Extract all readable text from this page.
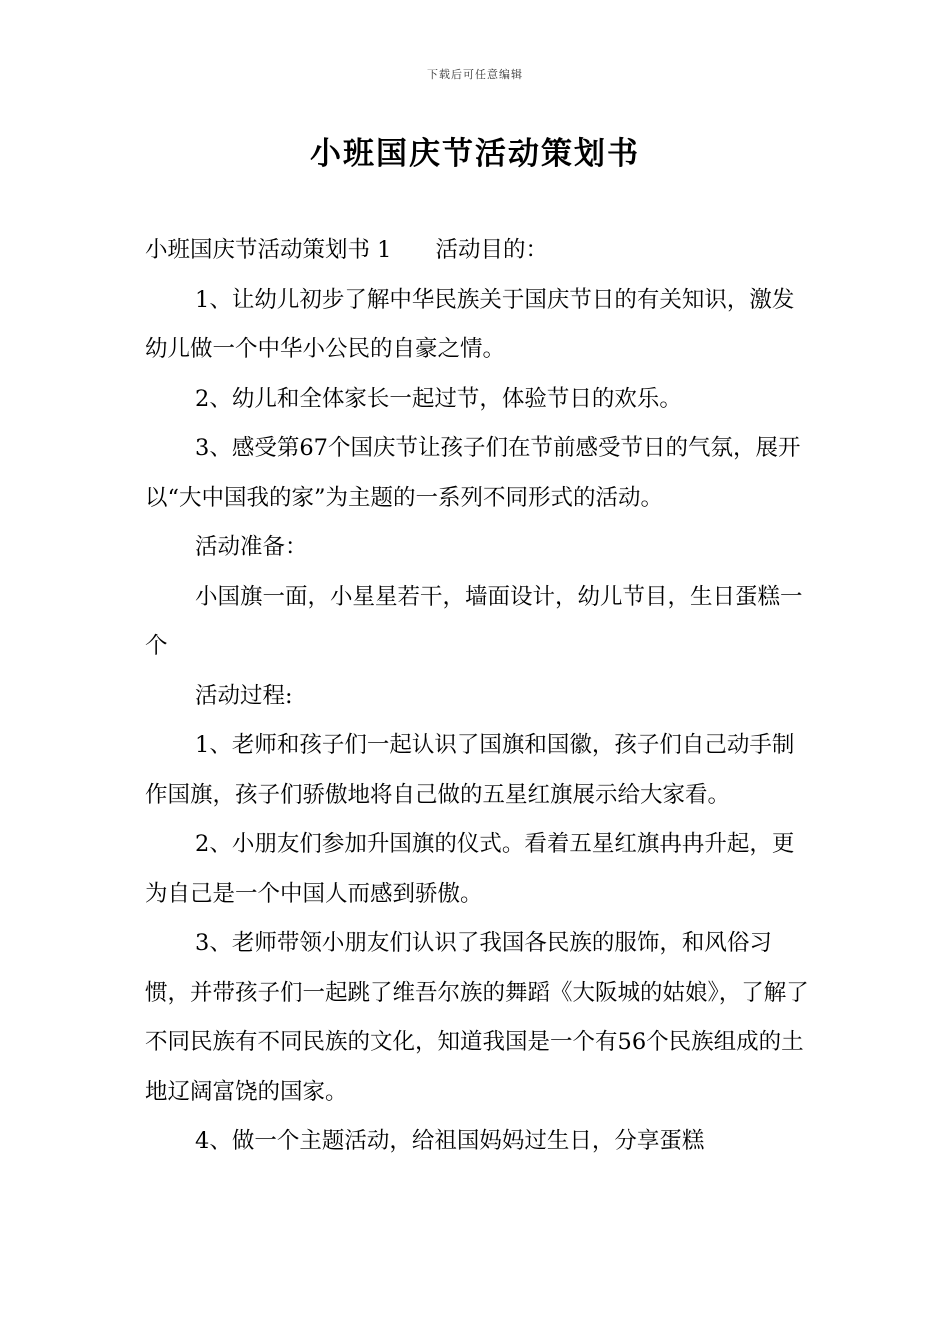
下载后可任意编辑
小班国庆节活动策划书

小班国庆节活动策划书 1 活动目的：

1、让幼儿初步了解中华民族关于国庆节日的有关知识，激发幼儿做一个中华小公民的自豪之情。

2、幼儿和全体家长一起过节，体验节日的欢乐。

3、感受第67个国庆节让孩子们在节前感受节日的气氛，展开以“大中国我的家”为主题的一系列不同形式的活动。

活动准备：

小国旗一面，小星星若干，墙面设计，幼儿节目，生日蛋糕一个

活动过程:

1、老师和孩子们一起认识了国旗和国徽，孩子们自己动手制作国旗，孩子们骄傲地将自己做的五星红旗展示给大家看。

2、小朋友们参加升国旗的仪式。看着五星红旗冉冉升起，更为自己是一个中国人而感到骄傲。

3、老师带领小朋友们认识了我国各民族的服饰，和风俗习惯，并带孩子们一起跳了维吾尔族的舞蹈《大阪城的姑娘》，了解了不同民族有不同民族的文化，知道我国是一个有56个民族组成的土地辽阔富饶的国家。

4、做一个主题活动，给祖国妈妈过生日，分享蛋糕
